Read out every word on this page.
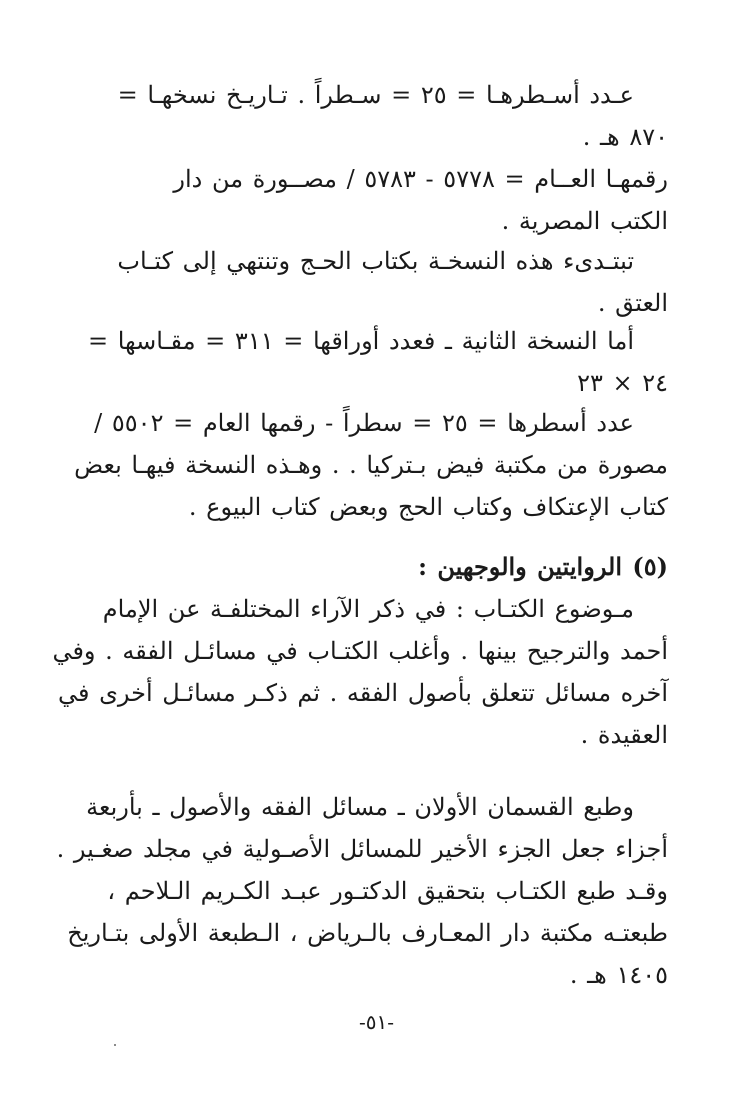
عـدد أسـطرهـا = ٢٥ = سـطراً . تـاريـخ نسخهـا =
٨٧٠ هـ .
رقمهـا العــام = ٥٧٧٨ - ٥٧٨٣ / مصــورة من دار
الكتب المصرية .
تبتـدىء هذه النسخـة بكتاب الحـج وتنتهي إلى كتـاب
العتق .
أما النسخة الثانية ـ فعدد أوراقها = ٣١١ = مقـاسها =
٢٤ × ٢٣
عدد أسطرها = ٢٥ = سطراً - رقمها العام = ٥٥٠٢ /
مصورة من مكتبة فيض بـتركيا . . وهـذه النسخة فيهـا بعض
كتاب الإعتكاف وكتاب الحج وبعض كتاب البيوع .
(٥) الروايتين والوجهين :
مـوضوع الكتـاب : في ذكر الآراء المختلفـة عن الإمام
أحمد والترجيح بينها . وأغلب الكتـاب في مسائـل الفقه . وفي
آخره مسائل تتعلق بأصول الفقه . ثم ذكـر مسائـل أخرى في
العقيدة .
وطبع القسمان الأولان ـ مسائل الفقه والأصول ـ بأربعة
أجزاء جعل الجزء الأخير للمسائل الأصـولية في مجلد صغـير .
وقـد طبع الكتـاب بتحقيق الدكتـور عبـد الكـريم الـلاحم ،
طبعتـه مكتبة دار المعـارف بالـرياض ، الـطبعة الأولى بتـاريخ
١٤٠٥ هـ .
-٥١-
